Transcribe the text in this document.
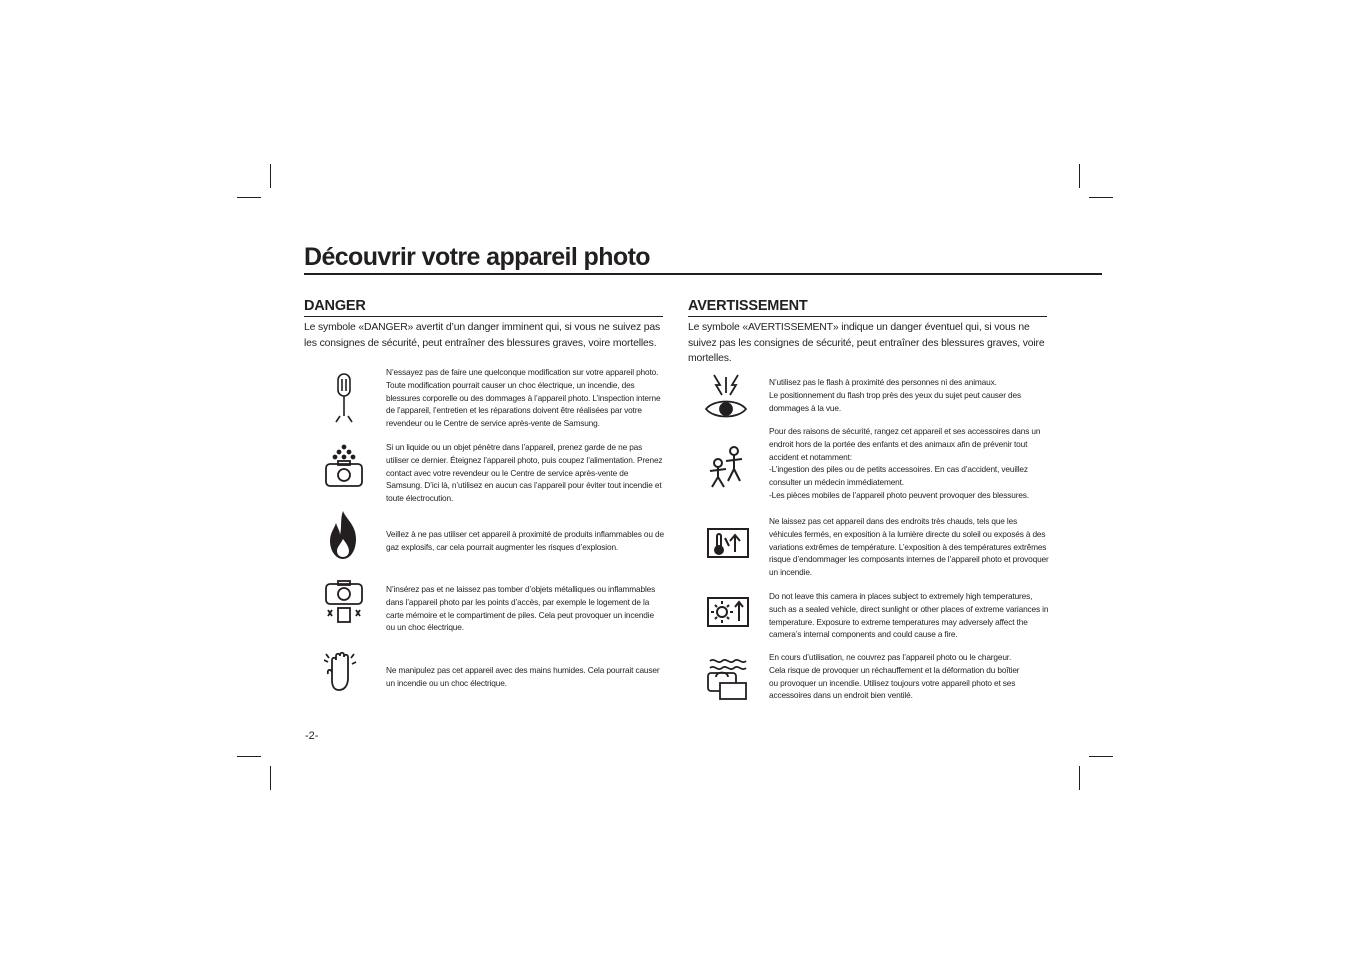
Découvrir votre appareil photo
DANGER

Le symbole «DANGER» avertit d’un danger imminent qui, si vous ne suivez pas les consignes de sécurité, peut entraîner des blessures graves, voire mortelles.

N’essayez pas de faire une quelconque modification sur votre appareil photo. Toute modification pourrait causer un choc électrique, un incendie, des blessures corporelle ou des dommages à l’appareil photo. L’inspection interne de l’appareil, l’entretien et les réparations doivent être réalisées par votre revendeur ou le Centre de service après-vente de Samsung.

Si un liquide ou un objet pénètre dans l’appareil, prenez garde de ne pas utiliser ce dernier. Éteignez l’appareil photo, puis coupez l’alimentation. Prenez contact avec votre revendeur ou le Centre de service après-vente de Samsung. D’ici là, n’utilisez en aucun cas l’appareil pour éviter tout incendie et toute électrocution.

Veillez à ne pas utiliser cet appareil à proximité de produits inflammables ou de gaz explosifs, car cela pourrait augmenter les risques d’explosion.

N’insérez pas et ne laissez pas tomber d’objets métalliques ou inflammables dans l’appareil photo par les points d’accès, par exemple le logement de la carte mémoire et le compartiment de piles. Cela peut provoquer un incendie ou un choc électrique.

Ne manipulez pas cet appareil avec des mains humides. Cela pourrait causer un incendie ou un choc électrique.

AVERTISSEMENT

Le symbole «AVERTISSEMENT» indique un danger éventuel qui, si vous ne suivez pas les consignes de sécurité, peut entraîner des blessures graves, voire mortelles.

N’utilisez pas le flash à proximité des personnes ni des animaux.
Le positionnement du flash trop près des yeux du sujet peut causer des dommages à la vue.

Pour des raisons de sécurité, rangez cet appareil et ses accessoires dans un endroit hors de la portée des enfants et des animaux afin de prévenir tout accident et notamment:
-L’ingestion des piles ou de petits accessoires. En cas d’accident, veuillez consulter un médecin immédiatement.
-Les pièces mobiles de l’appareil photo peuvent provoquer des blessures.

Ne laissez pas cet appareil dans des endroits très chauds, tels que les véhicules fermés, en exposition à la lumière directe du soleil ou exposés à des variations extrêmes de température. L’exposition à des températures extrêmes risque d’endommager les composants internes de l’appareil photo et provoquer un incendie.

Do not leave this camera in places subject to extremely high temperatures, such as a sealed vehicle, direct sunlight or other places of extreme variances in temperature. Exposure to extreme temperatures may adversely affect the camera’s internal components and could cause a fire.

En cours d’utilisation, ne couvrez pas l’appareil photo ou le chargeur.
Cela risque de provoquer un réchauffement et la déformation du boîtier
ou provoquer un incendie. Utilisez toujours votre appareil photo et ses accessoires dans un endroit bien ventilé.

-2-
